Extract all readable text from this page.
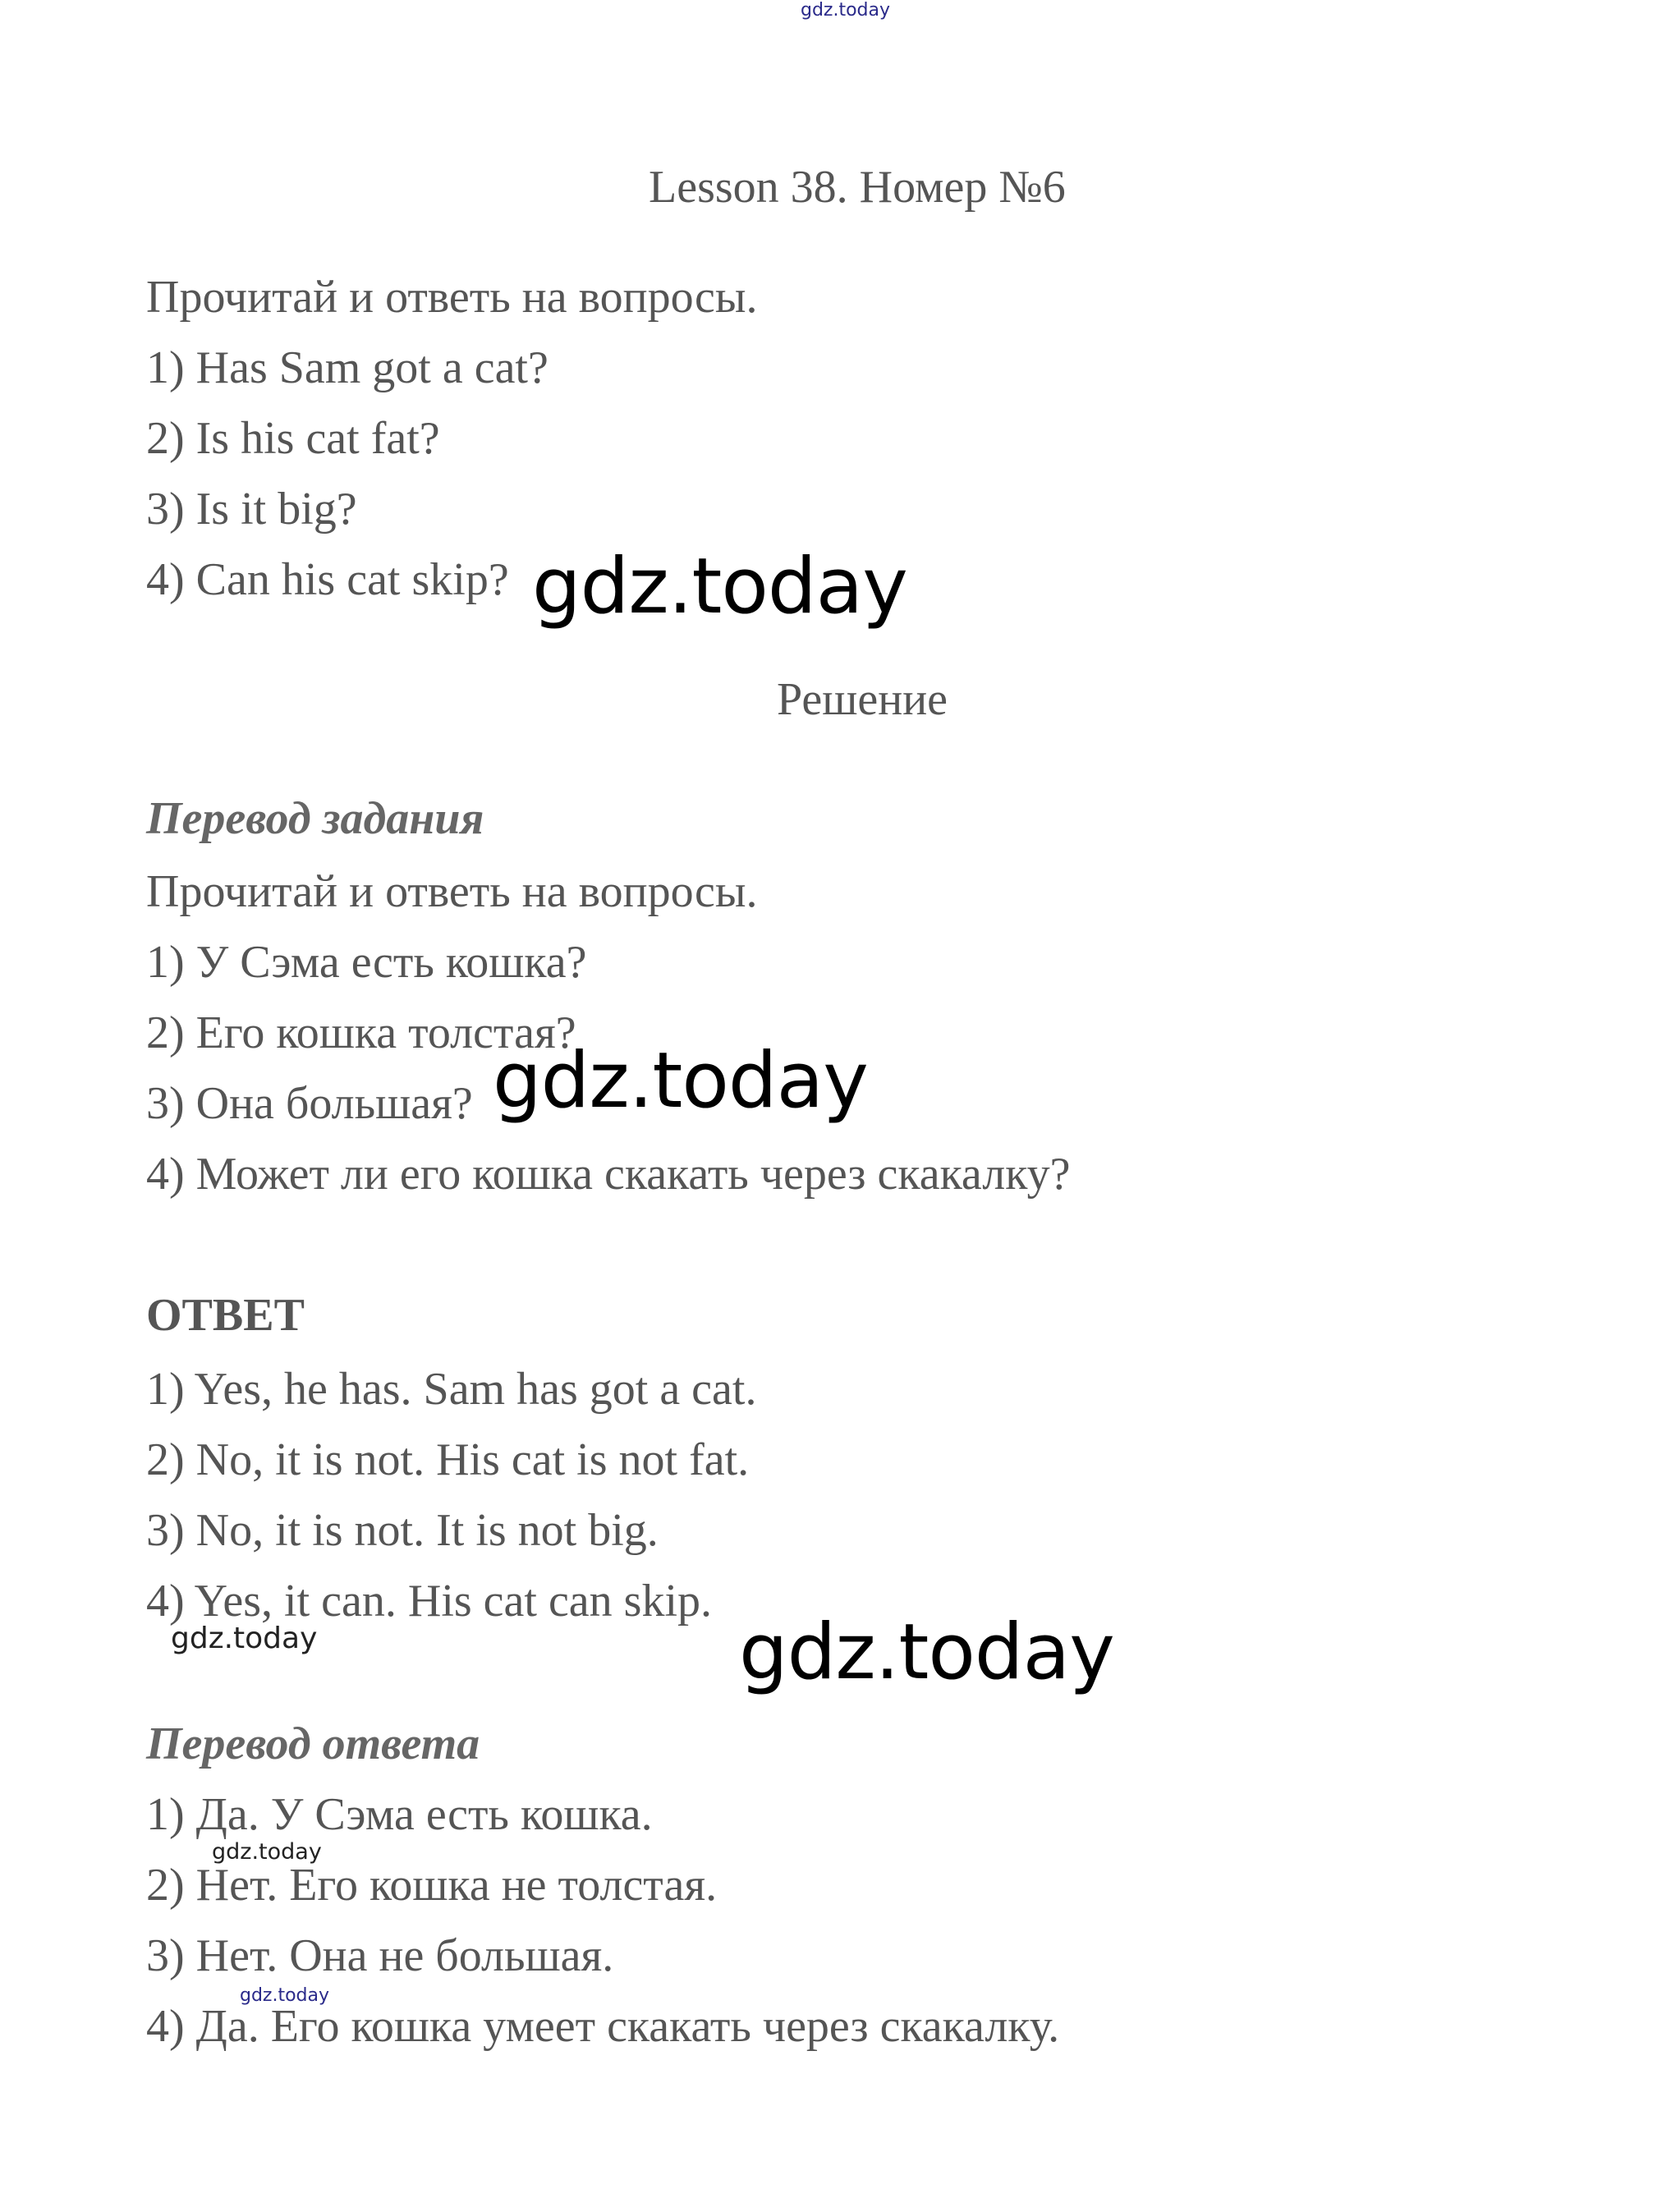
gdz.today
Lesson 38. Номер №6
Прочитай и ответь на вопросы.
1) Has Sam got a cat?
2) Is his cat fat?
3) Is it big?
4) Can his cat skip? gdz.today
Решение
Перевод задания
Прочитай и ответь на вопросы.
1) У Сэма есть кошка?
2) Его кошка толстая?
3) Она большая?
4) Может ли его кошка скакать через скакалку?
gdz.today
ОТВЕТ
1) Yes, he has. Sam has got a cat.
2) No, it is not. His cat is not fat.
3) No, it is not. It is not big.
4) Yes, it can. His cat can skip.
gdz.today	gdz.today
Перевод ответа
1) Да. У Сэма есть кошка.
gdz.today
2) Нет. Его кошка не толстая.
3) Нет. Она не большая.
gdz.today
4) Да. Его кошка умеет скакать через скакалку.
